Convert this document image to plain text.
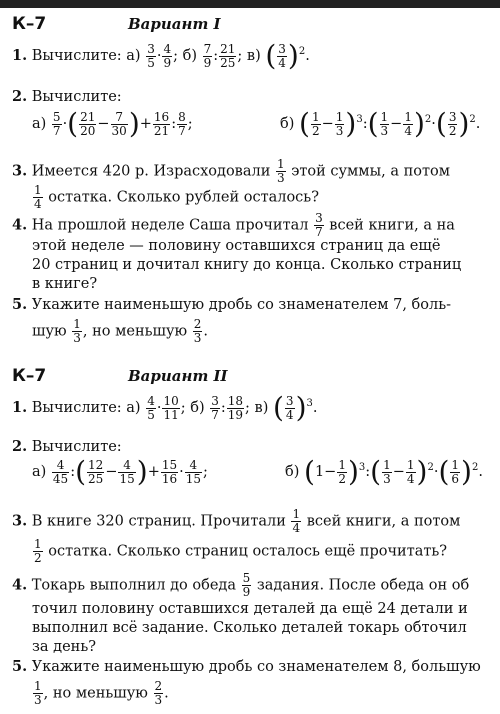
К–7	Вариант I
1. Вычислите: $а) \frac{3}{5} \cdot \frac{4}{9}$ ; $б) \frac{7}{9}$ : $\frac{21}{25}$ ; в) ( $\frac{3}{4} )^2$.
2. Вычислите:
$а) \frac{5}{7}$ ·( $\frac{21}{20} - \frac{7}{30}$ )+ $\frac{16}{21}$ : $\frac{8}{7}$ ;	б) ( $\frac{1}{2} - \frac{1}{3}$ )$^3$:( $\frac{1}{3} - \frac{1}{4} )^2\cdot( \frac{3}{2} )^2$.
3. Имеется 420 р. Израсходовали $\frac{1}{3}$ этой суммы, а потом
$\frac{1}{4}$ остатка. Сколько рублей осталось?
4. На прошлой неделе Саша прочитал $\frac{3}{7}$ всей книги, а на
этой неделе — половину оставшихся страниц да ещё
20 страниц и дочитал книгу до конца. Сколько страниц
в книге?
5. Укажите наименьшую дробь со знаменателем 7, боль-
шую $\frac{1}{3}$ , но меньшую $\frac{2}{3}$ .
К–7	Вариант II
1. Вычислите: $а) \frac{4}{5} \cdot \frac{10}{11}$ ; $б) \frac{3}{7}$ : $\frac{18}{19}$ ; в) ( $\frac{3}{4} )^3$.
2. Вычислите:
$а) \frac{4}{45}$ :( $\frac{12}{25} - \frac{4}{15}$ )+ $\frac{15}{16} \cdot \frac{4}{15}$ ;	б) ($1- \frac{1}{2}$ )$^3:( \frac{1}{3} - \frac{1}{4} )^2\cdot( \frac{1}{6} )^2$.
3. В книге 320 страниц. Прочитали $\frac{1}{4}$ всей книги, а потом
$\frac{1}{2}$ остатка. Сколько страниц осталось ещё прочитать?
4. Токарь выполнил до обеда $\frac{5}{9}$ задания. После обеда он об
точил половину оставшихся деталей да ещё 24 детали и
выполнил всё задание. Сколько деталей токарь обточил
за день?
5. Укажите наименьшую дробь со знаменателем 8, большую
$\frac{1}{3}$ , но меньшую $\frac{2}{3}$ .
